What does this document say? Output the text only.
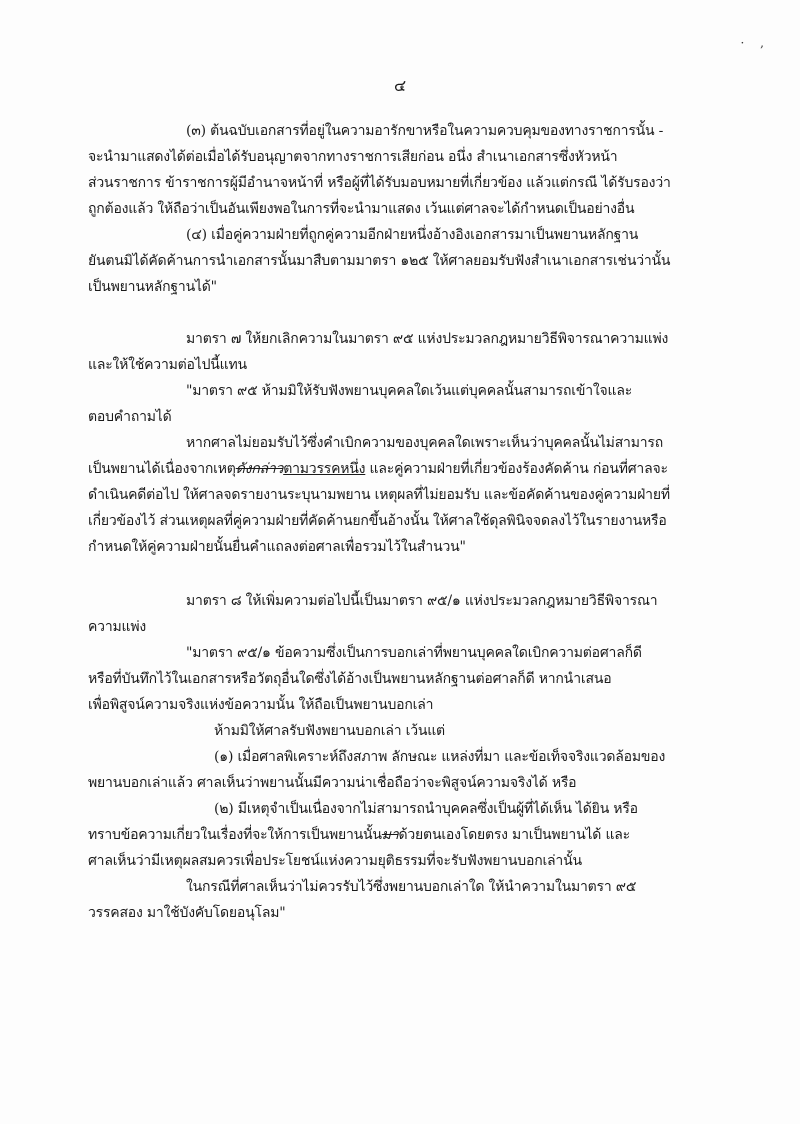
· ,
๔
(๓) ต้นฉบับเอกสารที่อยู่ในความอารักขาหรือในความควบคุมของทางราชการนั้น -
จะนำมาแสดงได้ต่อเมื่อได้รับอนุญาตจากทางราชการเสียก่อน อนึ่ง สำเนาเอกสารซึ่งหัวหน้า
ส่วนราชการ ข้าราชการผู้มีอำนาจหน้าที่ หรือผู้ที่ได้รับมอบหมายที่เกี่ยวข้อง แล้วแต่กรณี ได้รับรองว่า
ถูกต้องแล้ว ให้ถือว่าเป็นอันเพียงพอในการที่จะนำมาแสดง เว้นแต่ศาลจะได้กำหนดเป็นอย่างอื่น
(๔) เมื่อคู่ความฝ่ายที่ถูกคู่ความอีกฝ่ายหนึ่งอ้างอิงเอกสารมาเป็นพยานหลักฐาน
ยันตนมิได้คัดค้านการนำเอกสารนั้นมาสืบตามมาตรา ๑๒๕ ให้ศาลยอมรับฟังสำเนาเอกสารเช่นว่านั้น
เป็นพยานหลักฐานได้"
มาตรา ๗ ให้ยกเลิกความในมาตรา ๙๕ แห่งประมวลกฎหมายวิธีพิจารณาความแพ่ง
และให้ใช้ความต่อไปนี้แทน
"มาตรา ๙๕ ห้ามมิให้รับฟังพยานบุคคลใดเว้นแต่บุคคลนั้นสามารถเข้าใจและ
ตอบคำถามได้
หากศาลไม่ยอมรับไว้ซึ่งคำเบิกความของบุคคลใดเพราะเห็นว่าบุคคลนั้นไม่สามารถ
เป็นพยานได้เนื่องจากเหตุดังกล่าวตามวรรคหนึ่ง และคู่ความฝ่ายที่เกี่ยวข้องร้องคัดค้าน ก่อนที่ศาลจะ
ดำเนินคดีต่อไป ให้ศาลจดรายงานระบุนามพยาน เหตุผลที่ไม่ยอมรับ และข้อคัดค้านของคู่ความฝ่ายที่
เกี่ยวข้องไว้ ส่วนเหตุผลที่คู่ความฝ่ายที่คัดค้านยกขึ้นอ้างนั้น ให้ศาลใช้ดุลพินิจจดลงไว้ในรายงานหรือ
กำหนดให้คู่ความฝ่ายนั้นยื่นคำแถลงต่อศาลเพื่อรวมไว้ในสำนวน"
มาตรา ๘ ให้เพิ่มความต่อไปนี้เป็นมาตรา ๙๕/๑ แห่งประมวลกฎหมายวิธีพิจารณา
ความแพ่ง
"มาตรา ๙๕/๑ ข้อความซึ่งเป็นการบอกเล่าที่พยานบุคคลใดเบิกความต่อศาลก็ดี
หรือที่บันทึกไว้ในเอกสารหรือวัตถุอื่นใดซึ่งได้อ้างเป็นพยานหลักฐานต่อศาลก็ดี หากนำเสนอ
เพื่อพิสูจน์ความจริงแห่งข้อความนั้น ให้ถือเป็นพยานบอกเล่า
ห้ามมิให้ศาลรับฟังพยานบอกเล่า เว้นแต่
(๑) เมื่อศาลพิเคราะห์ถึงสภาพ ลักษณะ แหล่งที่มา และข้อเท็จจริงแวดล้อมของ
พยานบอกเล่าแล้ว ศาลเห็นว่าพยานนั้นมีความน่าเชื่อถือว่าจะพิสูจน์ความจริงได้ หรือ
(๒) มีเหตุจำเป็นเนื่องจากไม่สามารถนำบุคคลซึ่งเป็นผู้ที่ได้เห็น ได้ยิน หรือ
ทราบข้อความเกี่ยวในเรื่องที่จะให้การเป็นพยานนั้นมาด้วยตนเองโดยตรง มาเป็นพยานได้ และ
ศาลเห็นว่ามีเหตุผลสมควรเพื่อประโยชน์แห่งความยุติธรรมที่จะรับฟังพยานบอกเล่านั้น
ในกรณีที่ศาลเห็นว่าไม่ควรรับไว้ซึ่งพยานบอกเล่าใด ให้นำความในมาตรา ๙๕
วรรคสอง มาใช้บังคับโดยอนุโลม"
